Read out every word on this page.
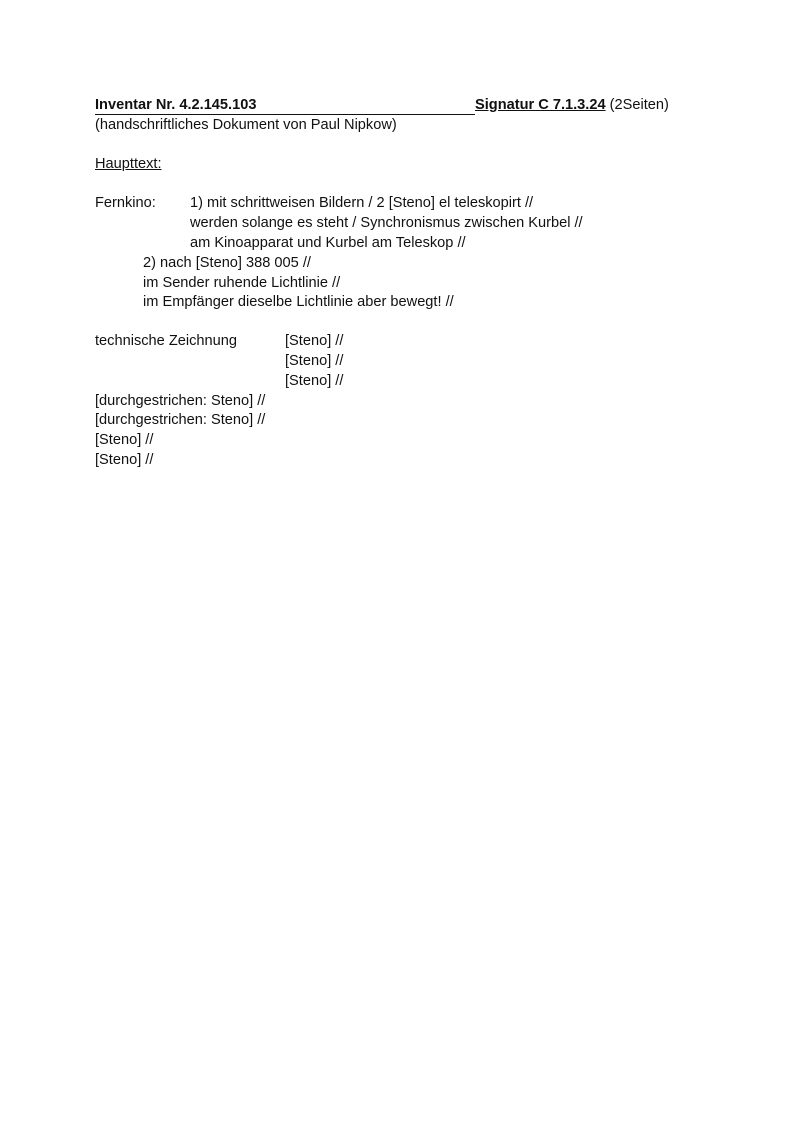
Inventar Nr. 4.2.145.103	Signatur C 7.1.3.24 (2Seiten)
(handschriftliches Dokument von Paul Nipkow)
Haupttext:
Fernkino: 1) mit schrittweisen Bildern / 2 [Steno] el teleskopirt //
werden solange es steht / Synchronismus zwischen Kurbel //
am Kinoapparat und Kurbel am Teleskop //
2) nach [Steno] 388 005 //
im Sender ruhende Lichtlinie //
im Empfänger dieselbe Lichtlinie aber bewegt! //
technische Zeichnung	[Steno] //
[Steno] //
[Steno] //
[durchgestrichen: Steno] //
[durchgestrichen: Steno] //
[Steno] //
[Steno] //
